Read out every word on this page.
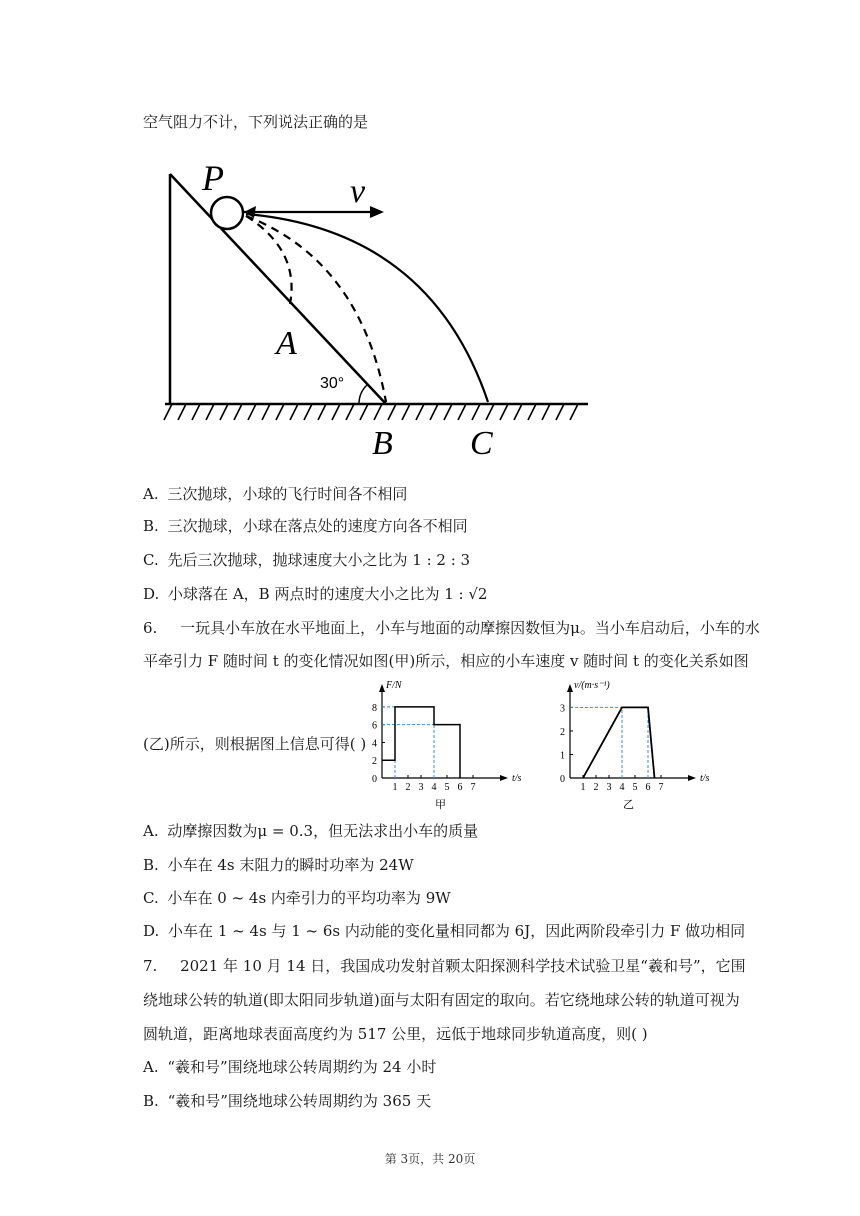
空气阻力不计，下列说法正确的是
P	v
A
B C
30°
A. 三次抛球，小球的飞行时间各不相同
B. 三次抛球，小球在落点处的速度方向各不相同
C. 先后三次抛球，抛球速度大小之比为 1 : 2 : 3
D. 小球落在 A，B 两点时的速度大小之比为 1 : √2
6. 一玩具小车放在水平地面上，小车与地面的动摩擦因数恒为μ。当小车启动后，小车的水
平牵引力 F 随时间 t 的变化情况如图(甲)所示，相应的小车速度 v 随时间 t 的变化关系如图
(乙)所示，则根据图上信息可得( )
1 2 3 4 5 6 7
0
2
4
6
8
F/N
t/s
甲
1 2 3 4 5 6 7
0
1
2
3
v/(m·s⁻¹)
t/s
乙
A. 动摩擦因数为μ = 0.3，但无法求出小车的质量
B. 小车在 4s 末阻力的瞬时功率为 24W
C. 小车在 0 ~ 4s 内牵引力的平均功率为 9W
D. 小车在 1 ~ 4s 与 1 ~ 6s 内动能的变化量相同都为 6J，因此两阶段牵引力 F 做功相同
7. 2021 年 10 月 14 日，我国成功发射首颗太阳探测科学技术试验卫星“羲和号”，它围
绕地球公转的轨道(即太阳同步轨道)面与太阳有固定的取向。若它绕地球公转的轨道可视为
圆轨道，距离地球表面高度约为 517 公里，远低于地球同步轨道高度，则( )
A. “羲和号”围绕地球公转周期约为 24 小时
B. “羲和号”围绕地球公转周期约为 365 天
第 3页，共 20页
